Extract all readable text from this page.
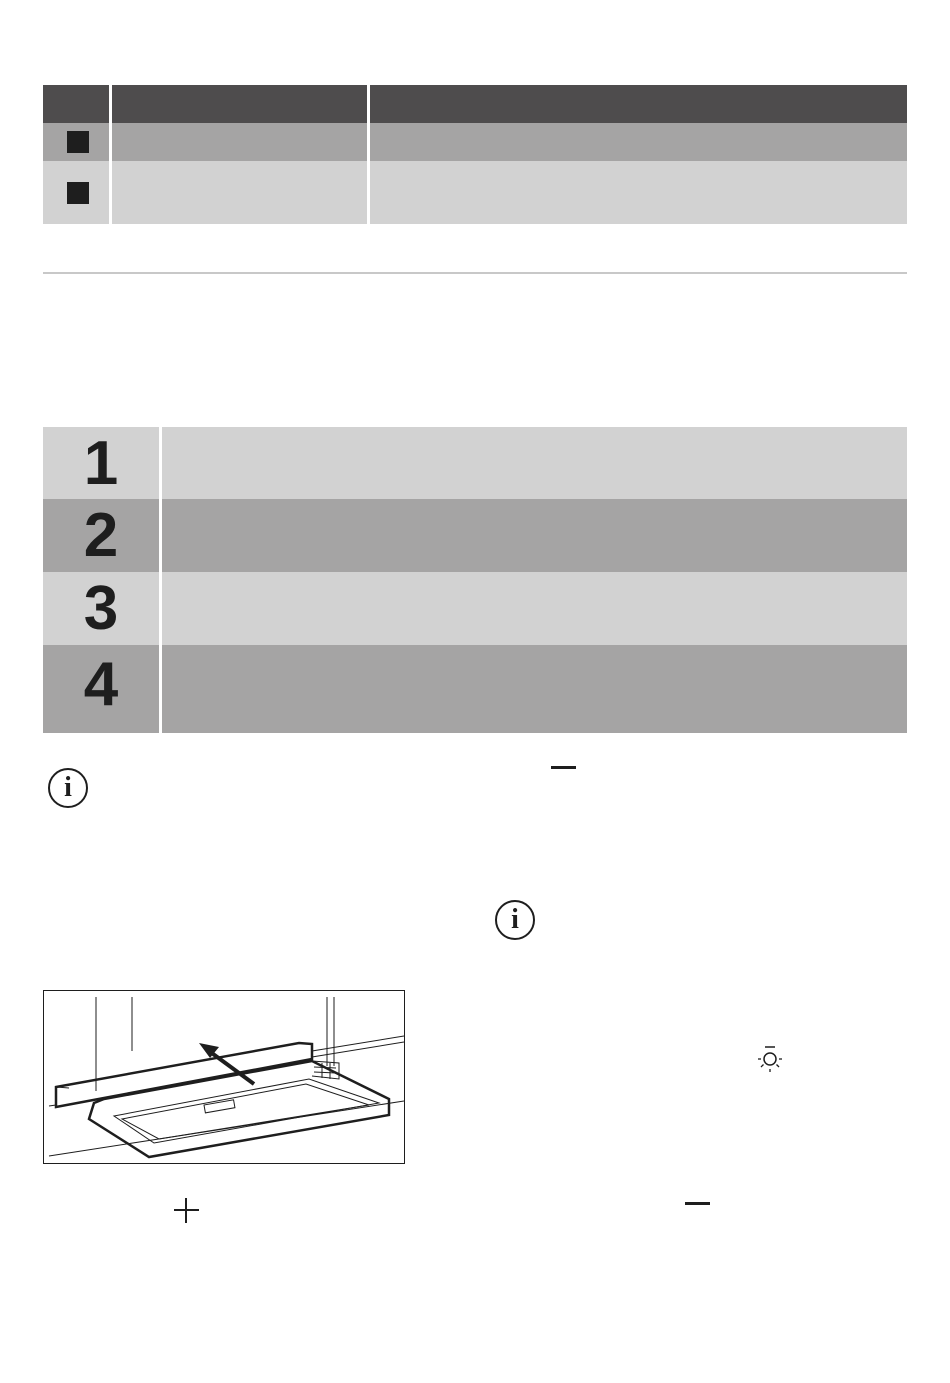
1
2
3
4
i
i
